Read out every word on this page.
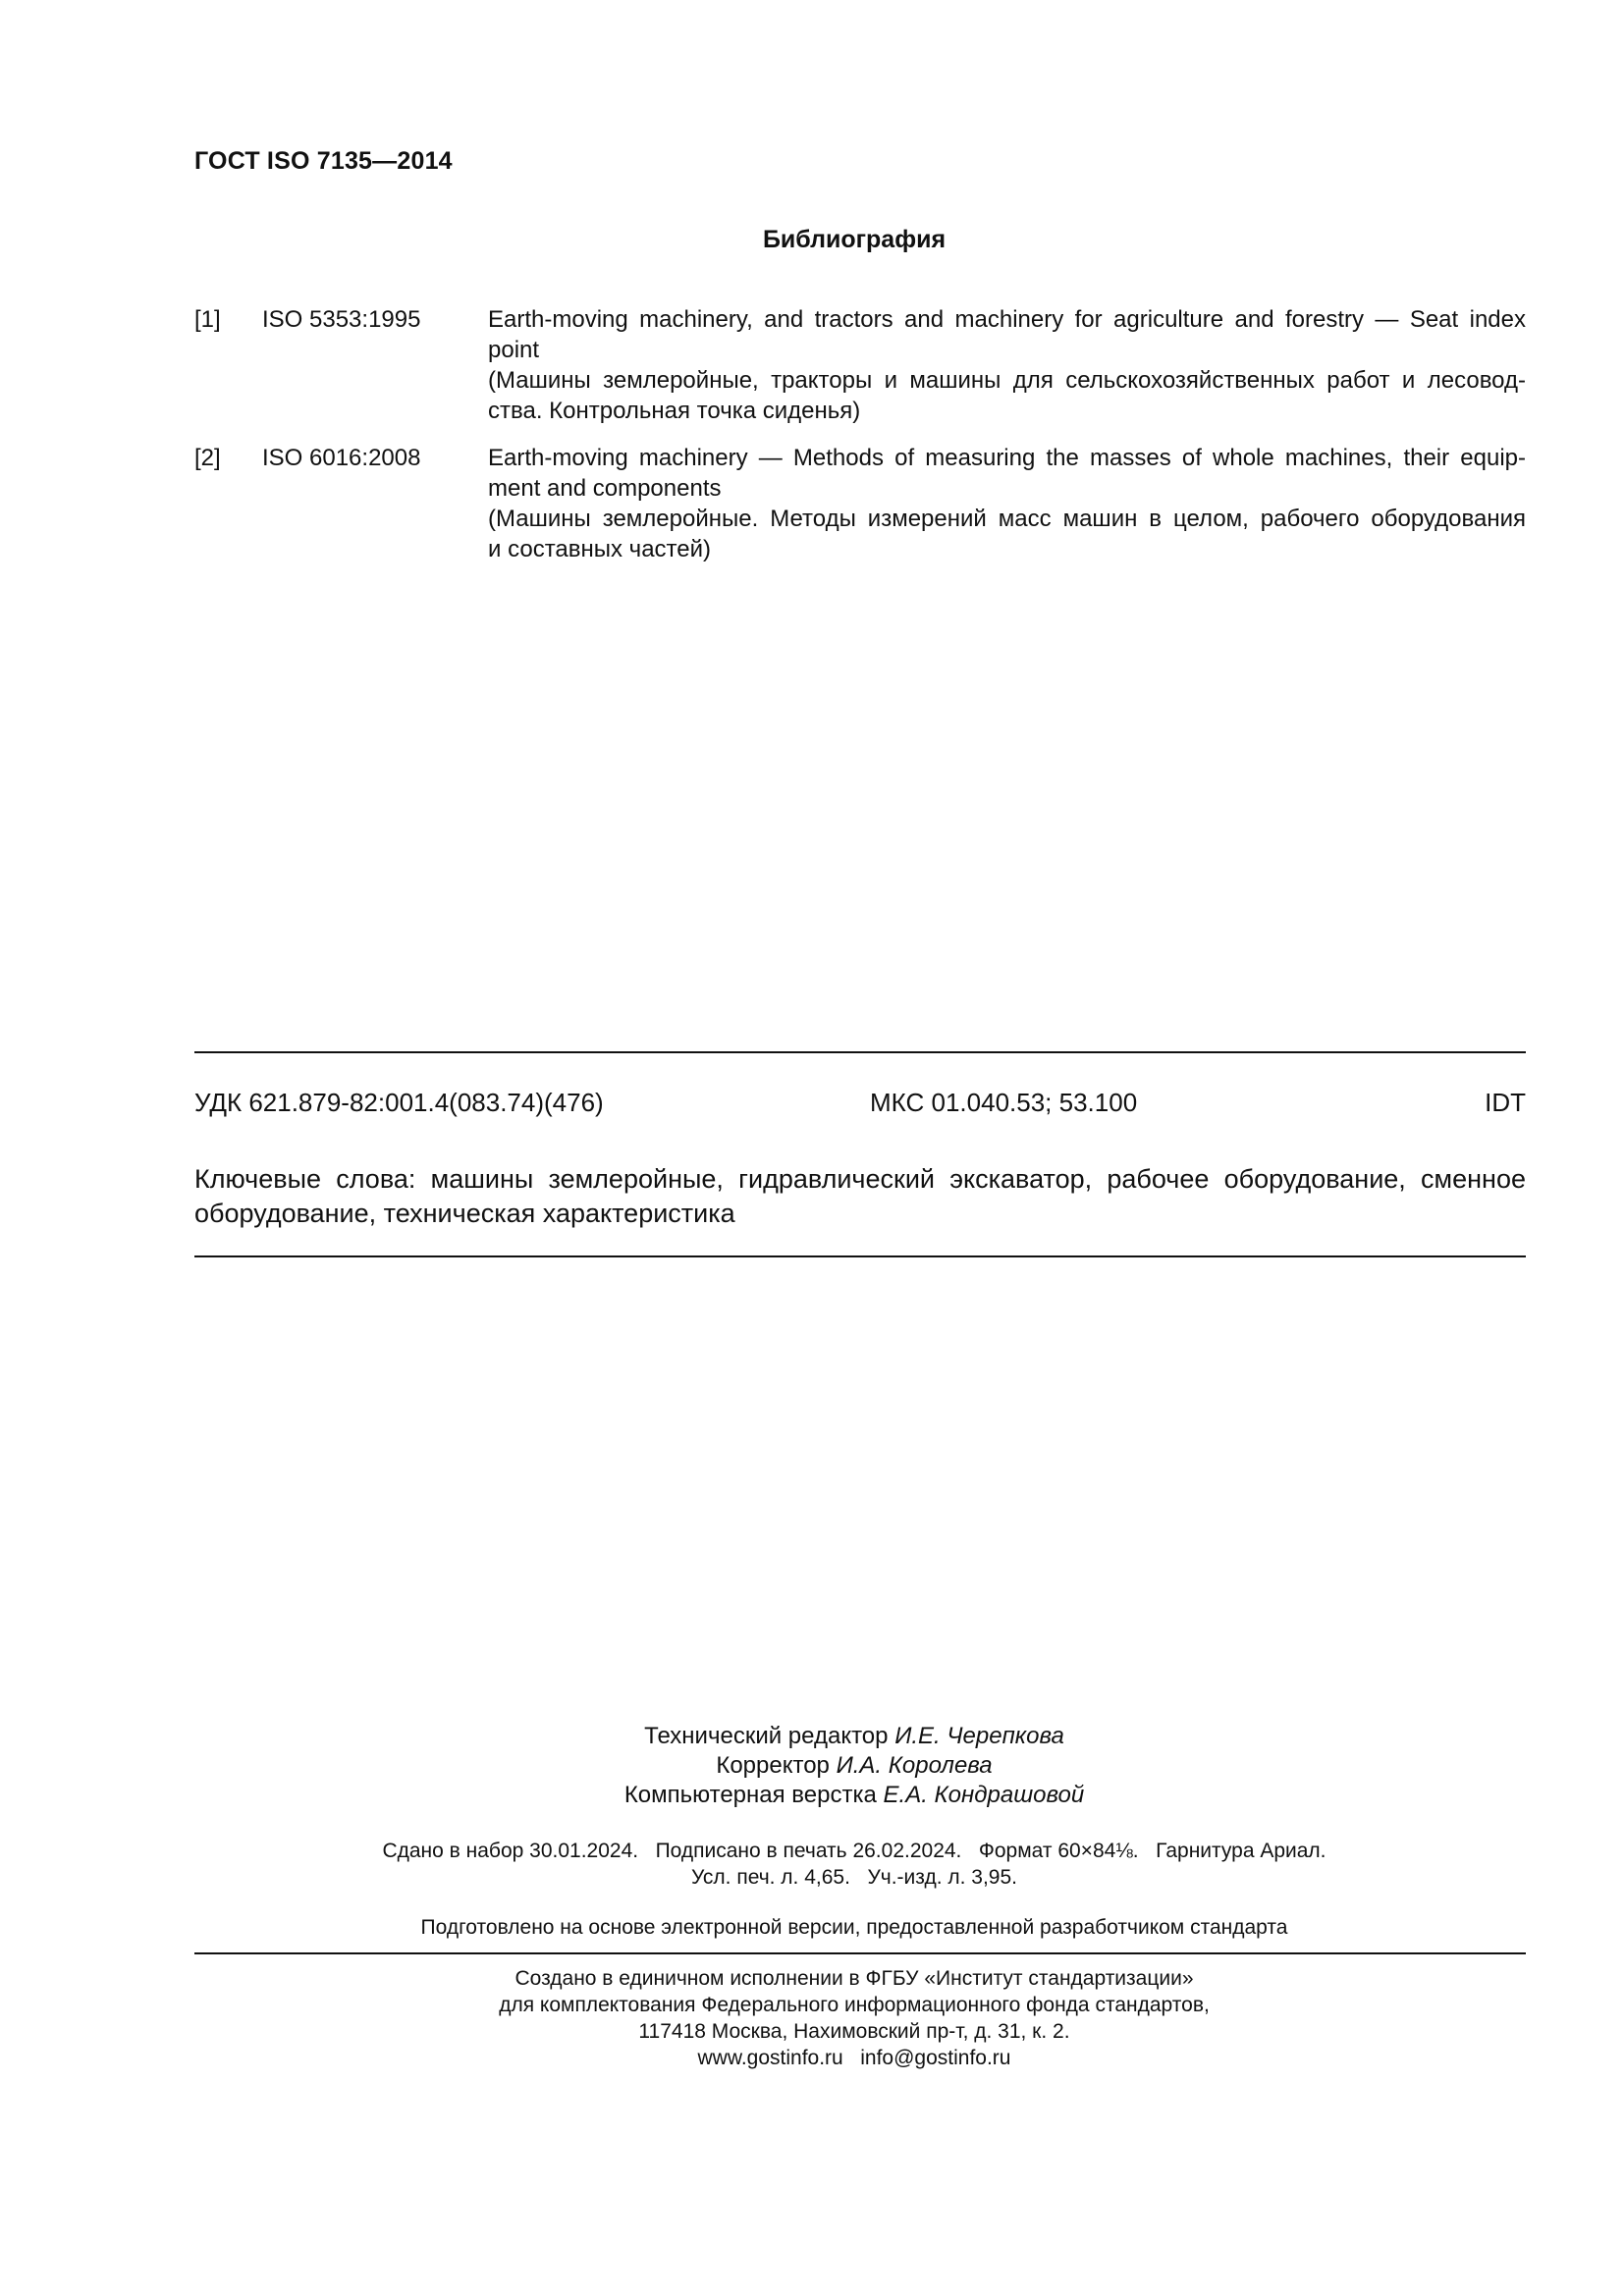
ГОСТ ISO 7135—2014
Библиография
[1] ISO 5353:1995	Earth-moving machinery, and tractors and machinery for agriculture and forestry — Seat index
point
(Машины землеройные, тракторы и машины для сельскохозяйственных работ и лесовод-
ства. Контрольная точка сиденья)
[2] ISO 6016:2008	Earth-moving machinery — Methods of measuring the masses of whole machines, their equip-
ment and components
(Машины землеройные. Методы измерений масс машин в целом, рабочего оборудования
и составных частей)
УДК 621.879-82:001.4(083.74)(476)	МКС 01.040.53; 53.100	IDT
Ключевые слова: машины землеройные, гидравлический экскаватор, рабочее оборудование, сменное
оборудование, техническая характеристика
Технический редактор И.Е. Черепкова
Корректор И.А. Королева
Компьютерная верстка Е.А. Кондрашовой
Сдано в набор 30.01.2024.   Подписано в печать 26.02.2024.   Формат 60×84⅛.   Гарнитура Ариал.
Усл. печ. л. 4,65.   Уч.-изд. л. 3,95.
Подготовлено на основе электронной версии, предоставленной разработчиком стандарта
Создано в единичном исполнении в ФГБУ «Институт стандартизации»
для комплектования Федерального информационного фонда стандартов,
117418 Москва, Нахимовский пр-т, д. 31, к. 2.
www.gostinfo.ru info@gostinfo.ru
